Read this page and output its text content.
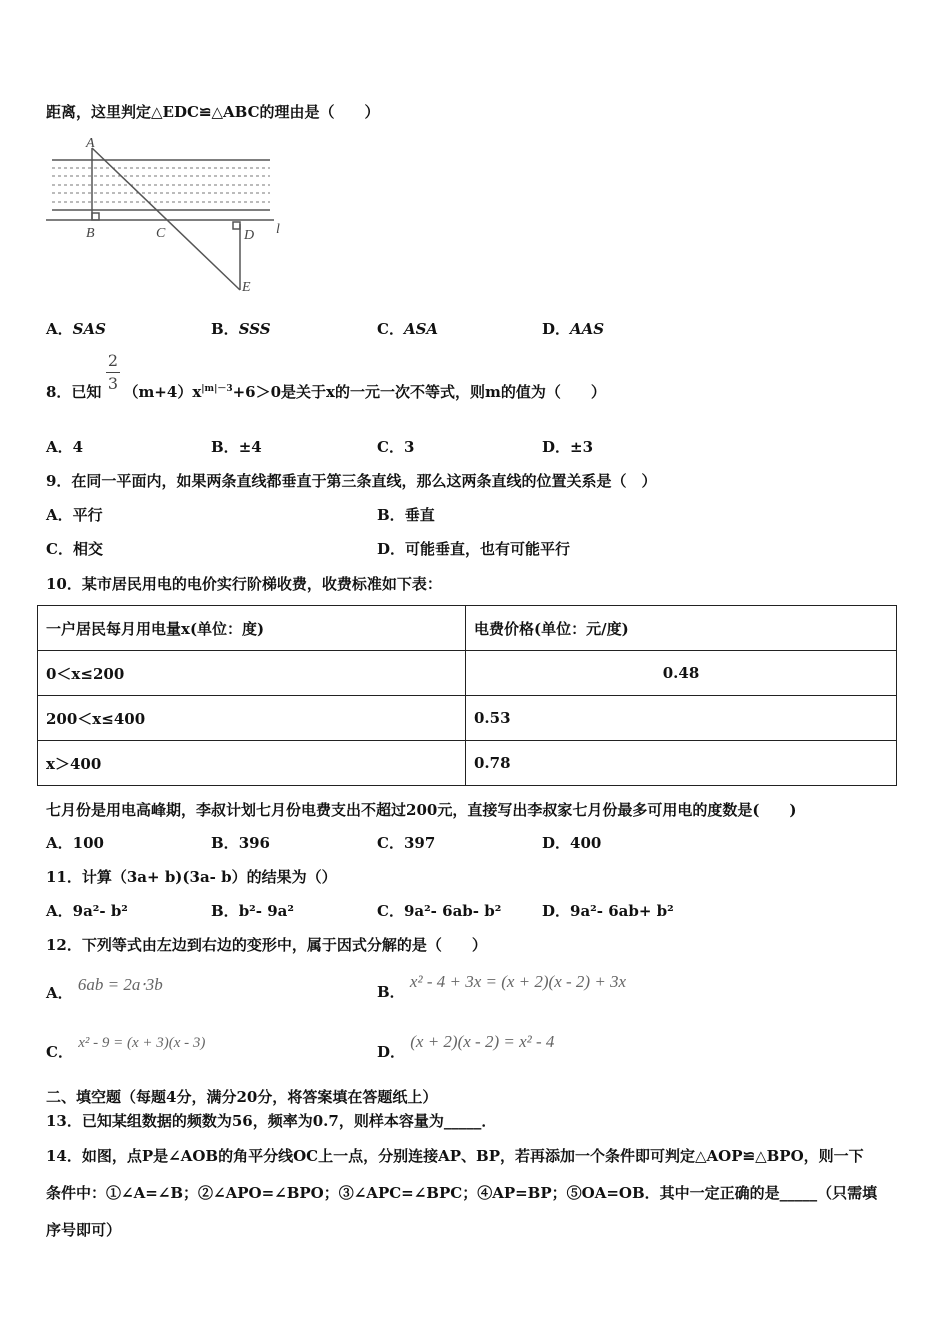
距离，这里判定△EDC≌△ABC的理由是（　　）
A
B	C	D
E
l
A．SAS	B．SSS	C．ASA	D．AAS
2
3
8．已知 $(m+4)x^{|m|-3}+6>0$是关于x的一元一次不等式，则m的值为（　　）
A．4	B．±4	C．3	D．±3
9．在同一平面内，如果两条直线都垂直于第三条直线，那么这两条直线的位置关系是（　）
A．平行	B．垂直
C．相交	D．可能垂直，也有可能平行
10．某市居民用电的电价实行阶梯收费，收费标准如下表：
一户居民每月用电量x(单位：度)	电费价格(单位：元/度)
0＜x≤200	0.48
200＜x≤400	0.53
x＞400	0.78
七月份是用电高峰期，李叔计划七月份电费支出不超过200元，直接写出李叔家七月份最多可用电的度数是(　　)
A．100	B．396	C．397	D．400
11．计算（3a+ b)(3a- b）的结果为（）
A．9a²- b²	B．b²- 9a²	C．9a²- 6ab- b²	D．9a²- 6ab+ b²
12．下列等式由左边到右边的变形中，属于因式分解的是（　　）
A． 6ab = 2a⋅3b	B． x² - 4 + 3x = (x + 2)(x - 2) + 3x
C． x² - 9 = (x + 3)(x - 3)	D． (x + 2)(x - 2) = x² - 4
二、填空题（每题4分，满分20分，将答案填在答题纸上）
13．已知某组数据的频数为56，频率为0.7，则样本容量为_____．
14．如图，点P是∠AOB的角平分线OC上一点，分别连接AP、BP，若再添加一个条件即可判定△AOP≌△BPO，则一下
条件中：①∠A=∠B；②∠APO=∠BPO；③∠APC=∠BPC；④AP=BP；⑤OA=OB．其中一定正确的是_____（只需填
序号即可）
